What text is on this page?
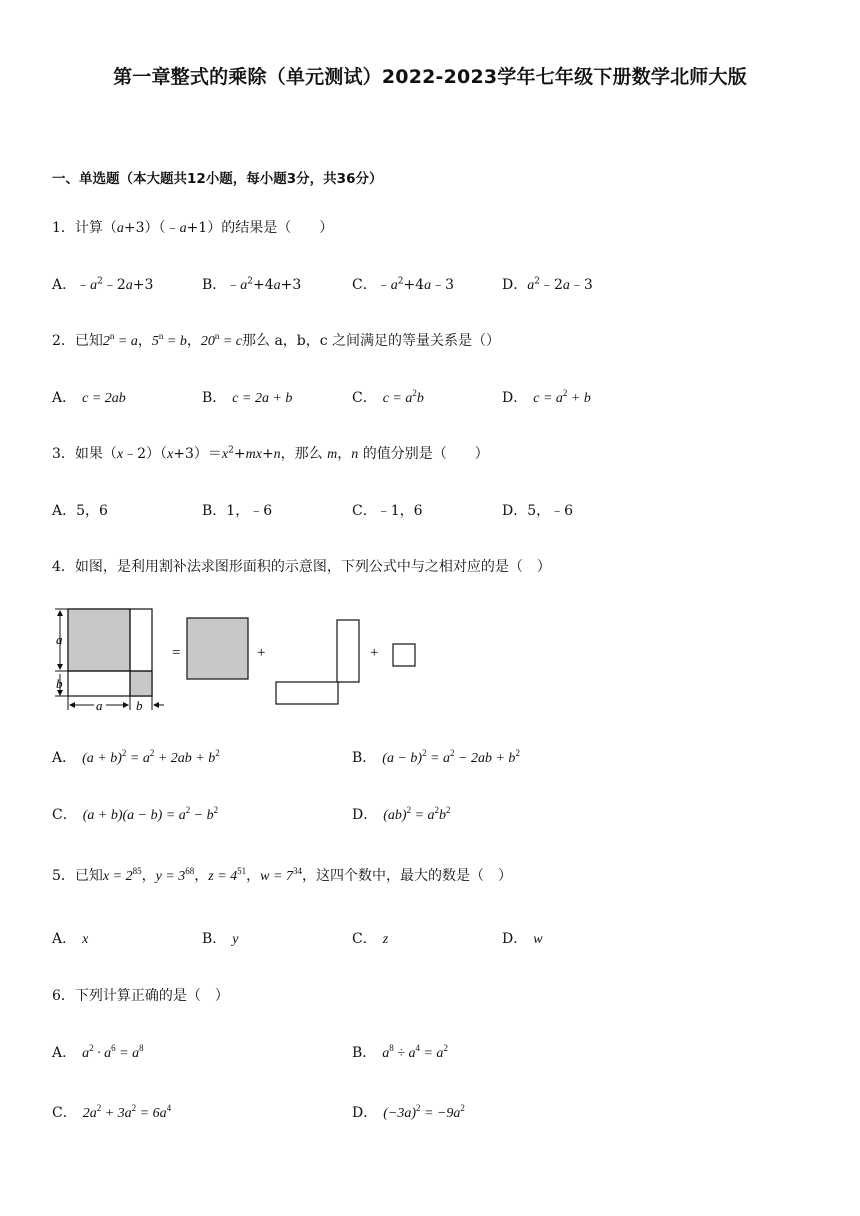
第一章整式的乘除（单元测试）2022-2023学年七年级下册数学北师大版
一、单选题（本大题共12小题，每小题3分，共36分）
1．计算（a+3）（﹣a+1）的结果是（　　）
A．$﹣a^2﹣2a+3$	B．$﹣a^2+4a+3$	C．$﹣a^2+4a﹣3$	D．$a^2﹣2a﹣3$
2．已知$2^n = a$，$5^n = b$，$20^n = c$那么 a，b，c 之间满足的等量关系是（）
A． c = 2ab	B． c = 2a + b	C． $c = a^2b$	D． $c = a^2 + b$
3．如果$(x﹣2)(x+3)=x^2+mx+n$，那么 m，n 的值分别是（　　）
A．5，6	B．1，﹣6	C．﹣1，6	D．5，﹣6
4．如图，是利用割补法求图形面积的示意图，下列公式中与之相对应的是（　）
a
b
a	b
=	+	+
A． $(a + b)^2 = a^2 + 2ab + b^2$	B． $(a - b)^2 = a^2 - 2ab + b^2$
C． $(a + b)(a - b) = a^2 - b^2$	D． $(ab)^2 = a^2b^2$
5．已知$x = 2^{85}$，$y = 3^{68}$，$z = 4^{51}$，$w = 7^{34}$，这四个数中，最大的数是（　）
A． x	B． y	C． z	D． w
6．下列计算正确的是（　）
A． $a^2 \cdot a^6 = a^8$	B． $a^8 \div a^4 = a^2$
C． $2a^2 + 3a^2 = 6a^4$	D． $(-3a)^2 = -9a^2$
